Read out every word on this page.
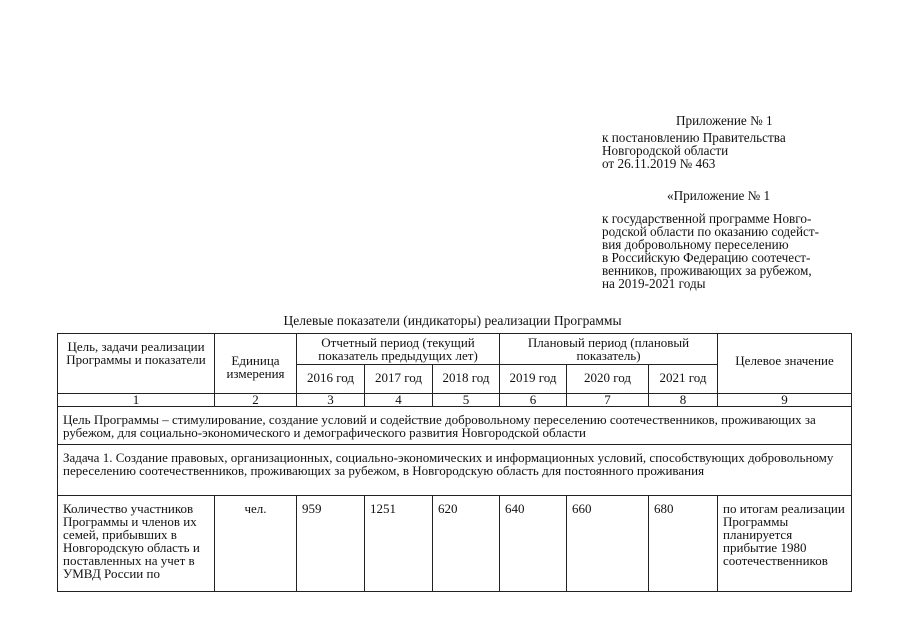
Приложение № 1
к постановлению Правительства
Новгородской области
от 26.11.2019 № 463
«Приложение № 1
к государственной программе Новго-
родской области по оказанию содейст-
вия добровольному переселению
в Российскую Федерацию соотечест-
венников, проживающих за рубежом,
на 2019-2021 годы
Целевые показатели (индикаторы) реализации Программы
Цель, задачи реализации Программы и показатели	Единица измерения	Отчетный период (текущий показатель предыдущих лет)			Плановый период (плановый показатель)			Целевое значение
		2016 год	2017 год	2018 год	2019 год	2020 год	2021 год	
1	2	3	4	5	6	7	8	9
Цель Программы – стимулирование, создание условий и содействие добровольному переселению соотечественников, проживающих за рубежом, для социально-экономического и демографического развития Новгородской области								
Задача 1. Создание правовых, организационных, социально-экономических и информационных условий, способствующих добровольному переселению соотечественников, проживающих за рубежом, в Новгородскую область для постоянного проживания								
Количество участников Программы и членов их семей, прибывших в Новгородскую область и поставленных на учет в УМВД России по	чел.	959	1251	620	640	660	680	по итогам реализации Программы планируется прибытие 1980 соотечественников
